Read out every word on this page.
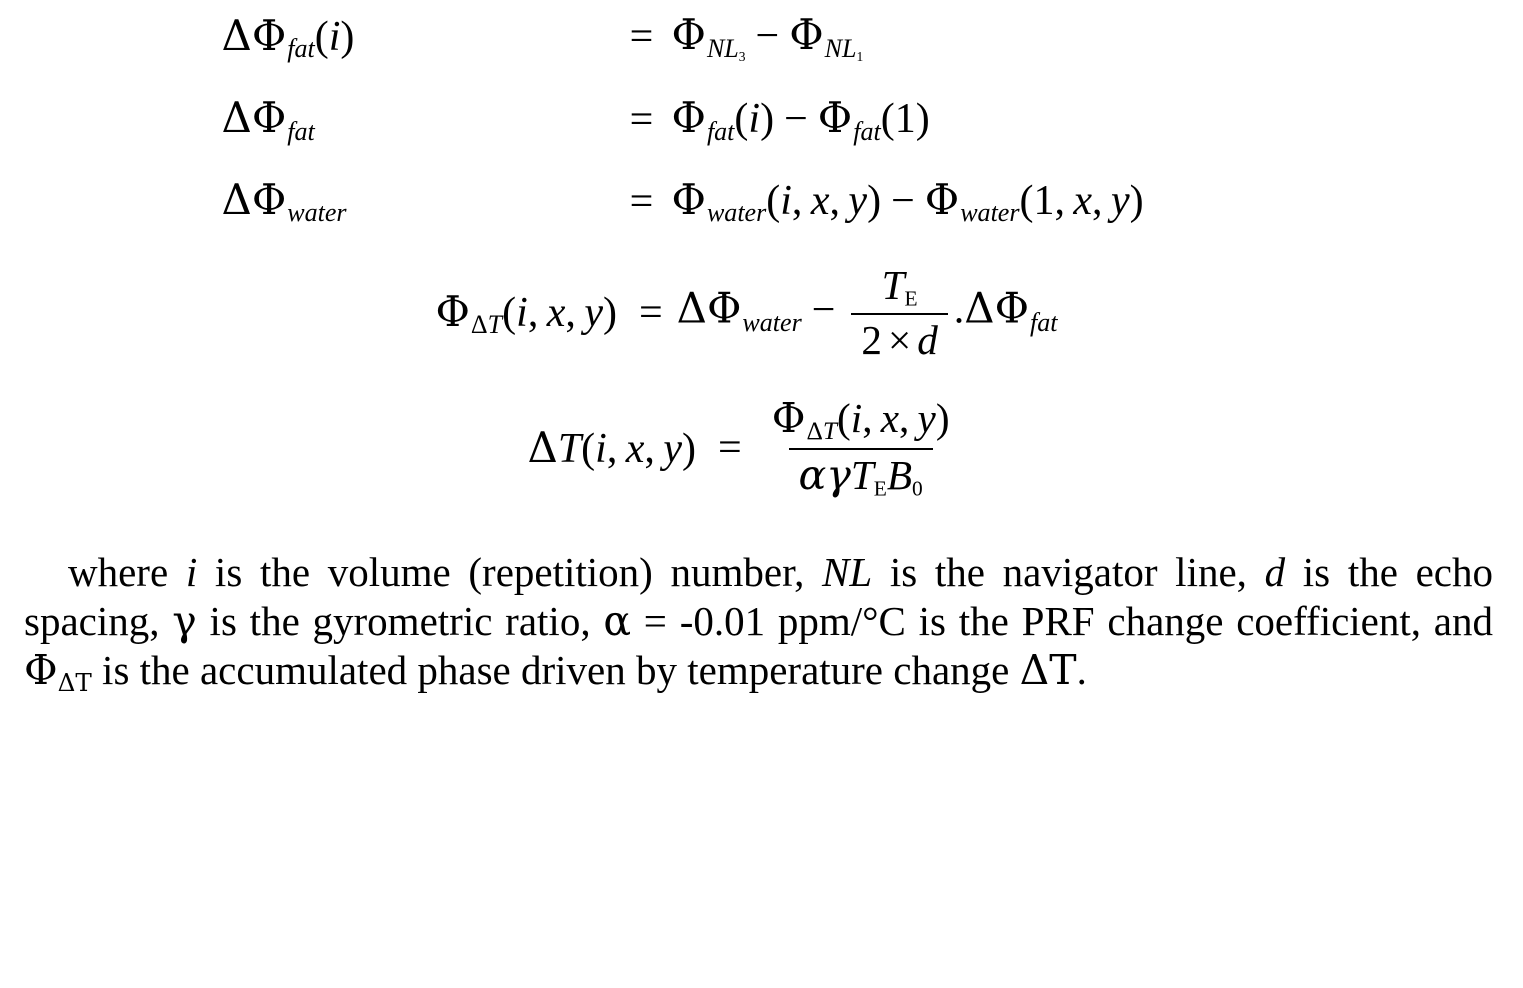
$\Delta\Phi_{fat}(i)$	= $\Phi_{NL3} - \Phi_{NL1}$
$\Delta\Phi_{fat}$	= $\Phi_{fat}(i) - \Phi_{fat}(1)$
$\Delta\Phi_{water}$	= $\Phi_{water}(i$, x, $y) - \Phi_{water}(1$, x, y)
$\Phi_{\Delta T}(i$, x, $y) = \Delta\Phi_{water} - \frac{TE}{2 \times d} .\Delta\Phi_{fat}$
ΔT(i, x, $y) = \frac{\Phi_{\Delta T}(i, x, y)}{\text{αγTEB0}}$
where i is the volume (repetition) number, NL is the navigator line, d is the echo spacing, γ is the gyrometric ratio, α = -0.01 ppm/°C is the PRF change coefficient, and ΦΔT is the accumulated phase driven by temperature change ΔT.
